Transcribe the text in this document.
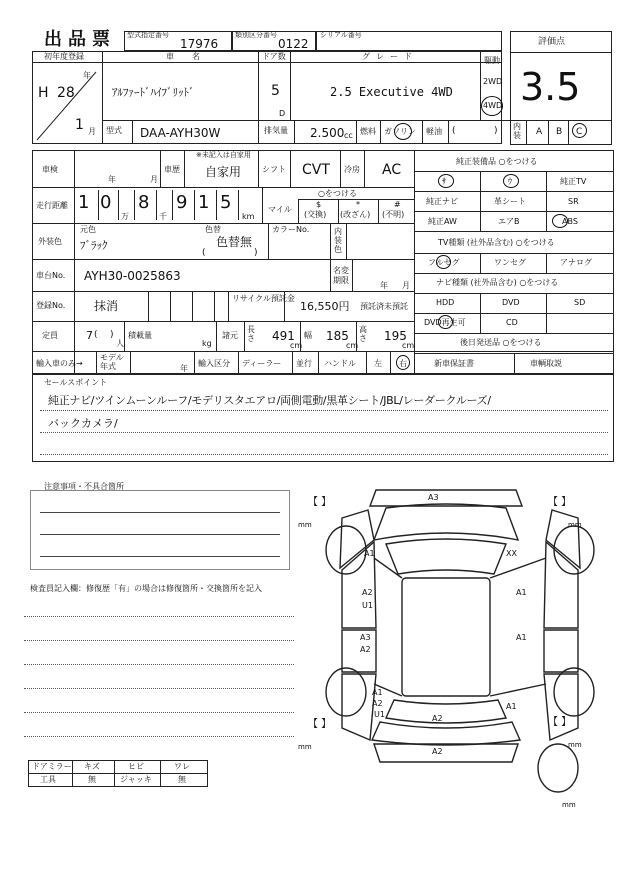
出品票 型式指定番号
17976
類別区分番号
0122
シリアル番号
評価点
3.5
初年度登録
H 28
年
1 月
車名
ｱﾙﾌｧｰﾄﾞﾊｲﾌﾞﾘｯﾄﾞ
ドア数
5
D
グレード
2.5 Executive 4WD
駆動
2WD
4WD
型式 DAA-AYH30W	排気量 2.500 cc 燃料 ガソリン 軽油 (	) 内装 A B C
車検
年	月
車歴
※未記入は自家用
自家用	シフト CVT 冷房 AC
走行距離 1 0 8 9 1 5
万	千	km
○をつける
マイル
$
(交換)
*
(改ざん)
#
(不明)
外装色
元色
ﾌﾞﾗｯｸ
色替
色替無
(	)
カラーNo.	内装色
車台No. AYH30-0025863	名変期限
年 月
登録No. 抹消
リサイクル預託金
16,550円 預託済 未預託
定員	7 ( )
人
積載量
kg
諸元
長さ 491
cm
幅 185
cm
高さ 195
cm
輸入車のみ→
モデル年式	年
輸入区分 ディーラー 並行 ハンドル 左 右
純正装備品 ○をつける
ｻ	ｳ	純正TV
純正ナビ	革シート	SR
純正AW	エアB	ABS
TV種類 (社外品含む) ○をつける
フルセグ	ワンセグ	アナログ
ナビ種類 (社外品含む) ○をつける
HDD	DVD	SD
DVD再生可	CD
後日発送品 ○をつける
新車保証書	車輌取説
セールスポイント
純正ナビ/ツインムーンルーフ/モデリスタエアロ/両側電動/黒革シート/JBL/レーダークルーズ/
バックカメラ/
注意事項・不具合箇所
検査員記入欄：修復歴「有」の場合は修復箇所・交換箇所を記入
ドアミラー キズ	ヒビ	ワレ
工具	無	ジャッキ	無
【 】
mm
【 】
mm
【 】
mm
【 】
mm
mm
A3
A1	XX
A2
U1
A1
A3
A2
A1
A1
A2
U1
A1
A2
A2
